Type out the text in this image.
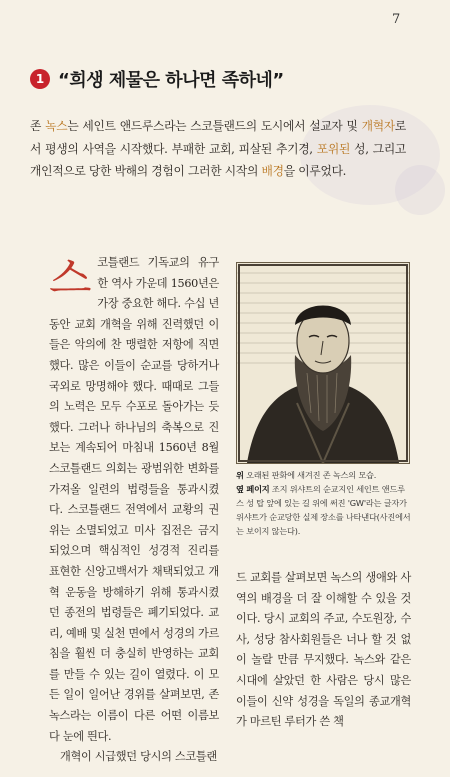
7
1 “희생 제물은 하나면 족하네”

존 녹스는 세인트 앤드루스라는 스코틀랜드의 도시에서 설교자 및 개혁자로서 평생의 사역을 시작했다. 부패한 교회, 피살된 추기경, 포위된 성, 그리고 개인적으로 당한 박해의 경험이 그러한 시작의 배경을 이루었다.

스코틀랜드 기독교의 유구한 역사 가운데 1560년은 가장 중요한 해다. 수십 년 동안 교회 개혁을 위해 진력했던 이들은 악의에 찬 맹렬한 저항에 직면했다. 많은 이들이 순교를 당하거나 국외로 망명해야 했다. 때때로 그들의 노력은 모두 수포로 돌아가는 듯했다. 그러나 하나님의 축복으로 진보는 계속되어 마침내 1560년 8월 스코틀랜드 의회는 광범위한 변화를 가져올 일련의 법령들을 통과시켰다. 스코틀랜드 전역에서 교황의 권위는 소멸되었고 미사 집전은 금지되었으며 핵심적인 성경적 진리를 표현한 신앙고백서가 채택되었고 개혁 운동을 방해하기 위해 통과시켰던 종전의 법령들은 폐기되었다. 교리, 예배 및 실천 면에서 성경의 가르침을 훨씬 더 충실히 반영하는 교회를 만들 수 있는 길이 열렸다. 이 모든 일이 일어난 경위를 살펴보면, 존 녹스라는 이름이 다른 어떤 이름보다 눈에 띈다.
개혁이 시급했던 당시의 스코틀랜
위 오래된 판화에 새겨진 존 녹스의 모습.
옆 페이지 조지 위샤트의 순교지인 세인트 앤드루스 성 탑 앞에 있는 길 위에 써진 'GW'라는 글자가 위샤트가 순교당한 실제 장소를 나타낸다(사진에서는 보이지 않는다).
드 교회를 살펴보면 녹스의 생애와 사역의 배경을 더 잘 이해할 수 있을 것이다. 당시 교회의 주교, 수도원장, 수사, 성당 참사회원들은 너나 할 것 없이 놀랄 만큼 무지했다. 녹스와 같은 시대에 살았던 한 사람은 당시 많은 이들이 신약 성경을 독일의 종교개혁가 마르틴 루터가 쓴 책
